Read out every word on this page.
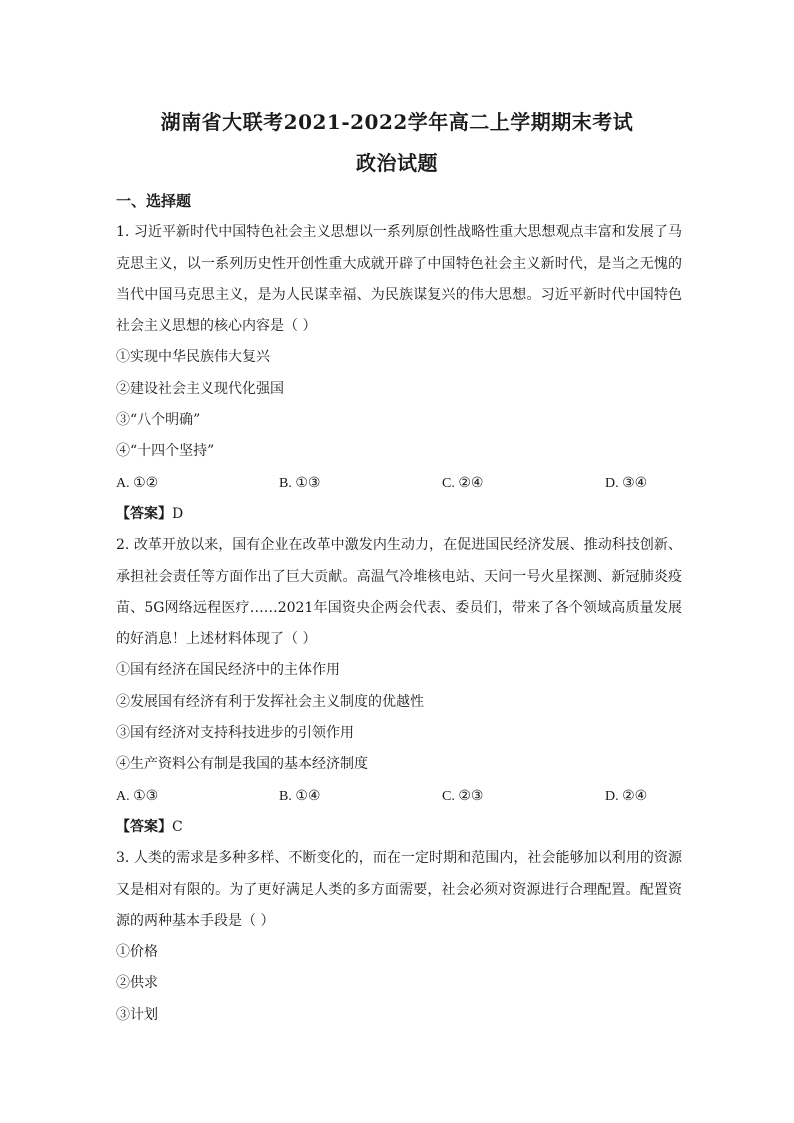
湖南省大联考2021-2022学年高二上学期期末考试
政治试题
一、选择题
1. 习近平新时代中国特色社会主义思想以一系列原创性战略性重大思想观点丰富和发展了马克思主义，以一系列历史性开创性重大成就开辟了中国特色社会主义新时代，是当之无愧的当代中国马克思主义，是为人民谋幸福、为民族谋复兴的伟大思想。习近平新时代中国特色社会主义思想的核心内容是（ ）
①实现中华民族伟大复兴
②建设社会主义现代化强国
③“八个明确”
④“十四个坚持”
A. ①②	B. ①③	C. ②④	D. ③④
【答案】D
2. 改革开放以来，国有企业在改革中激发内生动力，在促进国民经济发展、推动科技创新、承担社会责任等方面作出了巨大贡献。高温气冷堆核电站、天问一号火星探测、新冠肺炎疫苗、5G网络远程医疗……2021年国资央企两会代表、委员们，带来了各个领域高质量发展的好消息！上述材料体现了（ ）
①国有经济在国民经济中的主体作用
②发展国有经济有利于发挥社会主义制度的优越性
③国有经济对支持科技进步的引领作用
④生产资料公有制是我国的基本经济制度
A. ①③	B. ①④	C. ②③	D. ②④
【答案】C
3. 人类的需求是多种多样、不断变化的，而在一定时期和范围内，社会能够加以利用的资源又是相对有限的。为了更好满足人类的多方面需要，社会必须对资源进行合理配置。配置资源的两种基本手段是（ ）
①价格
②供求
③计划
